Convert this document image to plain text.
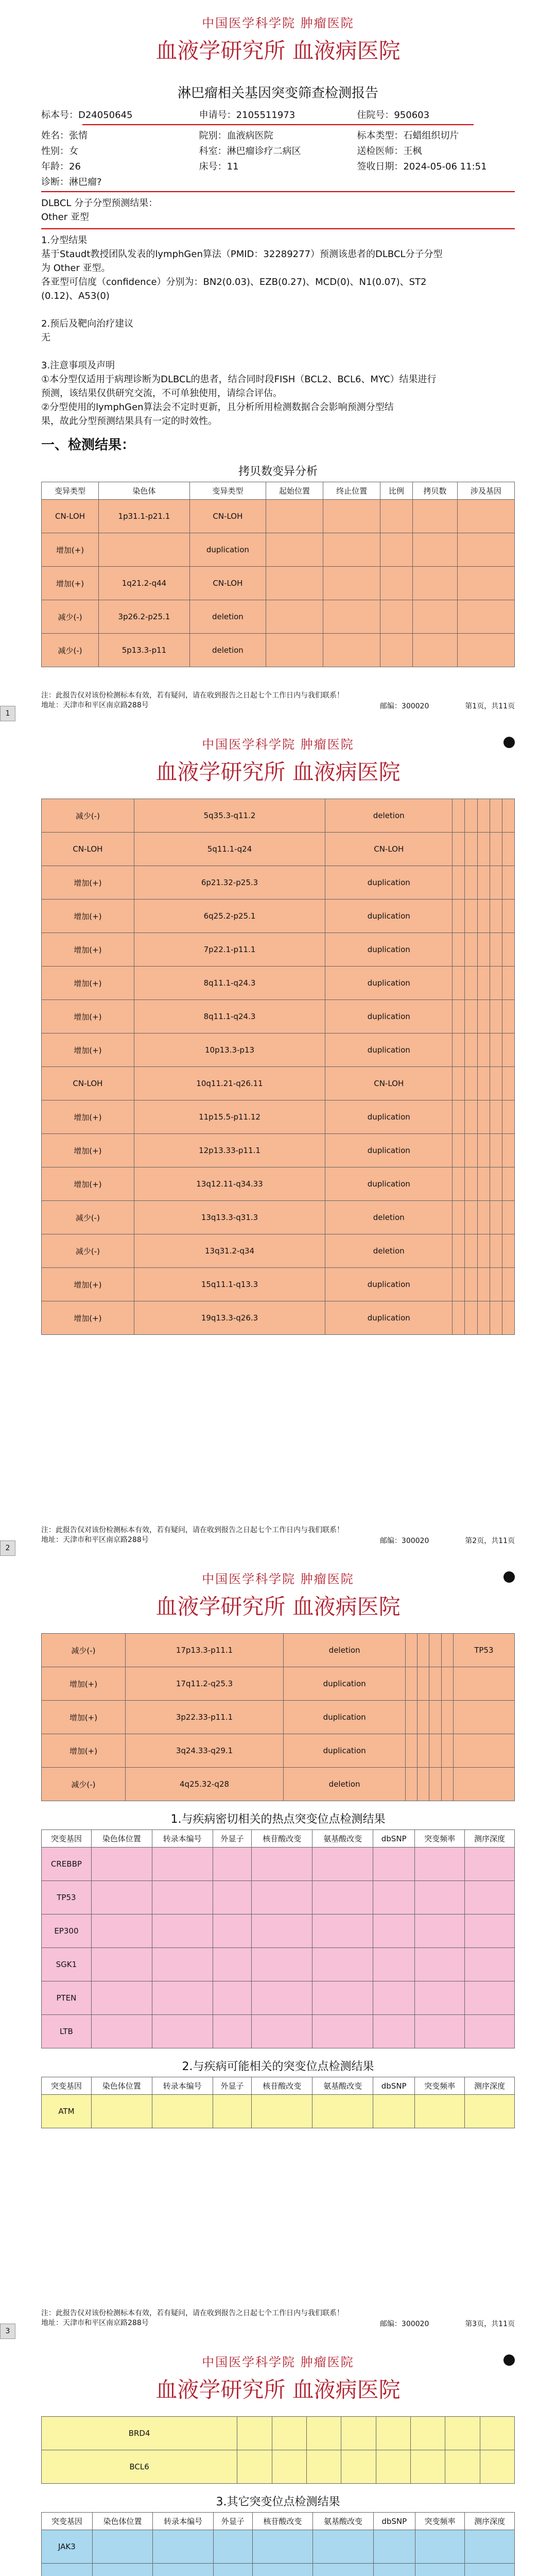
中国医学科学院 肿瘤医院
血液学研究所 血液病医院
淋巴瘤相关基因突变筛查检测报告
标本号：D24050645	申请号：2105511973	住院号：950603
姓名：张情	院别：血液病医院	标本类型：石蜡组织切片
性别：女	科室：淋巴瘤诊疗二病区	送检医师：王枫
年龄：26	床号：11	签收日期：2024-05-06 11:51
诊断：淋巴瘤?
DLBCL 分子分型预测结果：
Other 亚型
1.分型结果
基于Staudt教授团队发表的lymphGen算法（PMID：32289277）预测该患者的DLBCL分子分型
为 Other 亚型。
各亚型可信度（confidence）分别为：BN2(0.03)、EZB(0.27)、MCD(0)、N1(0.07)、ST2
(0.12)、A53(0)

2.预后及靶向治疗建议
无

3.注意事项及声明
①本分型仅适用于病理诊断为DLBCL的患者，结合同时段FISH（BCL2、BCL6、MYC）结果进行
预测，该结果仅供研究交流，不可单独使用，请综合评估。
②分型使用的lymphGen算法会不定时更新，且分析所用检测数据合会影响预测分型结
果，故此分型预测结果具有一定的时效性。
一、检测结果：
拷贝数变异分析
变异类型	染色体	变异类型	起始位置	终止位置	比例	拷贝数	涉及基因
CN-LOH	1p31.1-p21.1	CN-LOH					
增加(+)		duplication					
增加(+)	1q21.2-q44	CN-LOH					
减少(-)	3p26.2-p25.1	deletion					
减少(-)	5p13.3-p11	deletion					
注：此报告仅对该份检测标本有效，若有疑问，请在收到报告之日起七个工作日内与我们联系！
地址：天津市和平区南京路288号	邮编：300020	第1页，共11页
1
中国医学科学院 肿瘤医院
血液学研究所 血液病医院
减少(-)	5q35.3-q11.2	deletion					
CN-LOH	5q11.1-q24	CN-LOH					
增加(+)	6p21.32-p25.3	duplication					
增加(+)	6q25.2-p25.1	duplication					
增加(+)	7p22.1-p11.1	duplication					
增加(+)	8q11.1-q24.3	duplication					
增加(+)	8q11.1-q24.3	duplication					
增加(+)	10p13.3-p13	duplication					
CN-LOH	10q11.21-q26.11	CN-LOH					
增加(+)	11p15.5-p11.12	duplication					
增加(+)	12p13.33-p11.1	duplication					
增加(+)	13q12.11-q34.33	duplication					
减少(-)	13q13.3-q31.3	deletion					
减少(-)	13q31.2-q34	deletion					
增加(+)	15q11.1-q13.3	duplication					
增加(+)	19q13.3-q26.3	duplication					
注：此报告仅对该份检测标本有效，若有疑问，请在收到报告之日起七个工作日内与我们联系！
地址：天津市和平区南京路288号	邮编：300020	第2页，共11页
2
中国医学科学院 肿瘤医院
血液学研究所 血液病医院
减少(-)	17p13.3-p11.1	deletion					TP53
增加(+)	17q11.2-q25.3	duplication					
增加(+)	3p22.33-p11.1	duplication					
增加(+)	3q24.33-q29.1	duplication					
减少(-)	4q25.32-q28	deletion					
1.与疾病密切相关的热点突变位点检测结果
突变基因	染色体位置	转录本编号	外显子	核苷酸改变	氨基酸改变	dbSNP	突变频率	测序深度
CREBBP								
TP53								
EP300								
SGK1								
PTEN								
LTB								
2.与疾病可能相关的突变位点检测结果
突变基因	染色体位置	转录本编号	外显子	核苷酸改变	氨基酸改变	dbSNP	突变频率	测序深度
ATM								
注：此报告仅对该份检测标本有效，若有疑问，请在收到报告之日起七个工作日内与我们联系！
地址：天津市和平区南京路288号	邮编：300020	第3页，共11页
3
中国医学科学院 肿瘤医院
血液学研究所 血液病医院
BRD4								
BCL6								
3.其它突变位点检测结果
突变基因	染色体位置	转录本编号	外显子	核苷酸改变	氨基酸改变	dbSNP	突变频率	测序深度
JAK3								
